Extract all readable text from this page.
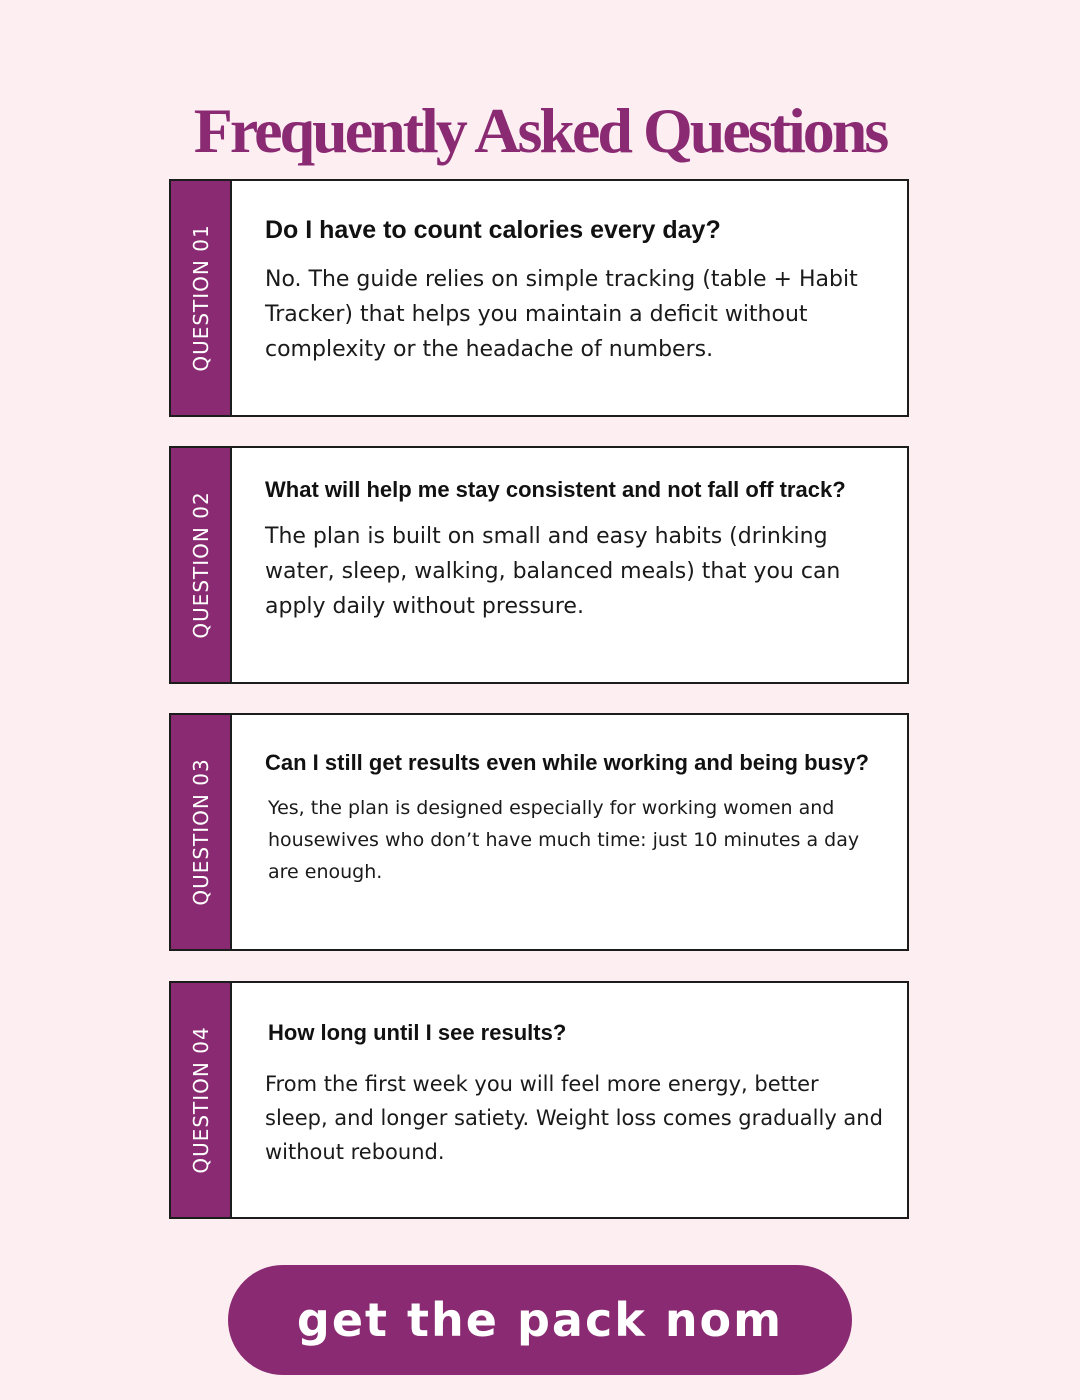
Frequently Asked Questions
QUESTION 01 Do I have to count calories every day?

No. The guide relies on simple tracking (table + Habit Tracker) that helps you maintain a deficit without complexity or the headache of numbers.

QUESTION 02

What will help me stay consistent and not fall off track?

The plan is built on small and easy habits (drinking water, sleep, walking, balanced meals) that you can apply daily without pressure.

QUESTION 03 Can I still get results even while working and being busy?

Yes, the plan is designed especially for working women and housewives who don’t have much time: just 10 minutes a day are enough.

QUESTION 04	How long until I see results?

From the first week you will feel more energy, better sleep, and longer satiety. Weight loss comes gradually and without rebound.

get the pack nom
